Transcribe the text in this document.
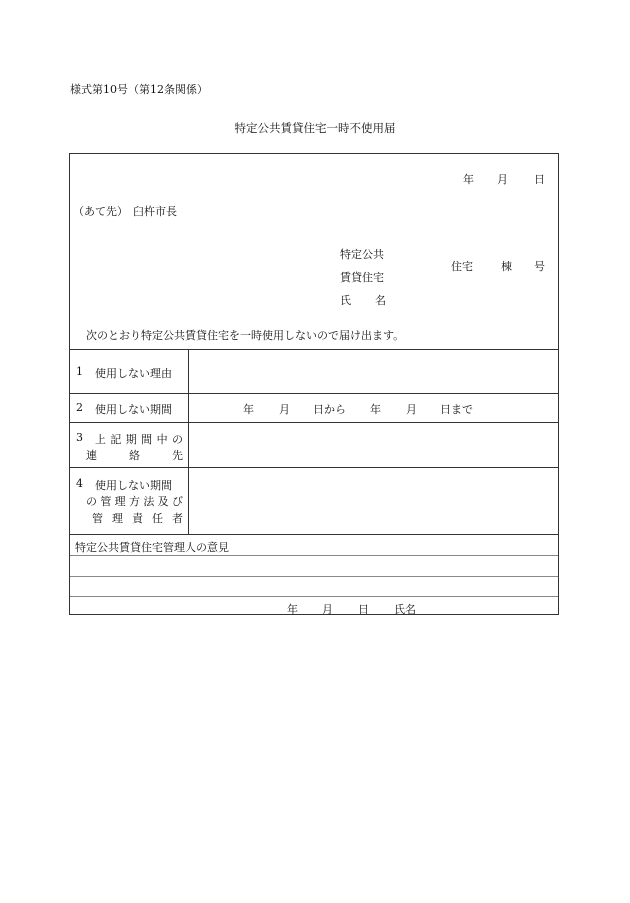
様式第10号（第12条関係）
特定公共賃貸住宅一時不使用届
年 月 日
（あて先） 臼杵市長
特定公共
賃貸住宅
氏 名
住宅	棟 号
次のとおり特定公共賃貸住宅を一時使用しないので届け出ます。
1 使用しない理由
2 使用しない期間	年 月 日から 年 月 日まで
3 上 記 期 間 中 の
連	絡	先
4 使用しない期間
の 管 理 方 法 及 び
管 理 責 任 者
特定公共賃貸住宅管理人の意見
年 月 日 氏名
